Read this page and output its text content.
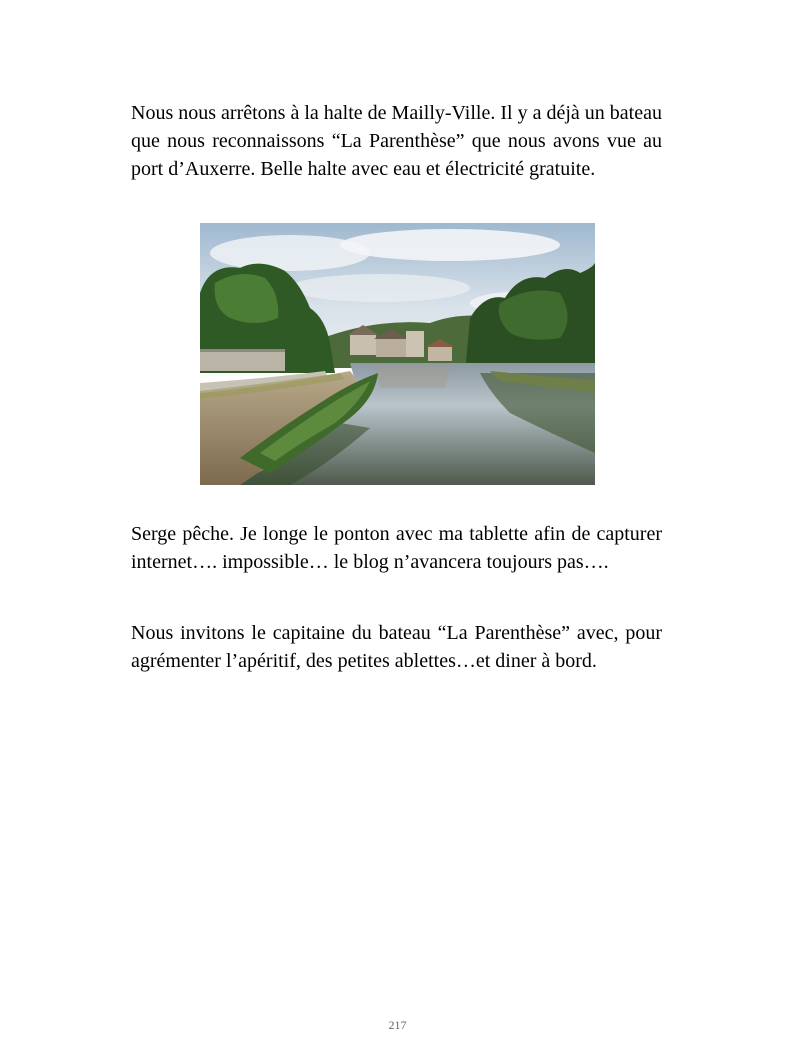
Nous nous arrêtons à la halte de Mailly-Ville. Il y a déjà un bateau que nous reconnaissons “La Parenthèse” que nous avons vue au port d’Auxerre. Belle halte avec eau et électricité gratuite.

Serge pêche. Je longe le ponton avec ma tablette afin de capturer internet…. impossible… le blog n’avancera toujours pas….

Nous invitons le capitaine du bateau “La Parenthèse” avec, pour agrémenter l’apéritif, des petites ablettes…et diner à bord.

217
